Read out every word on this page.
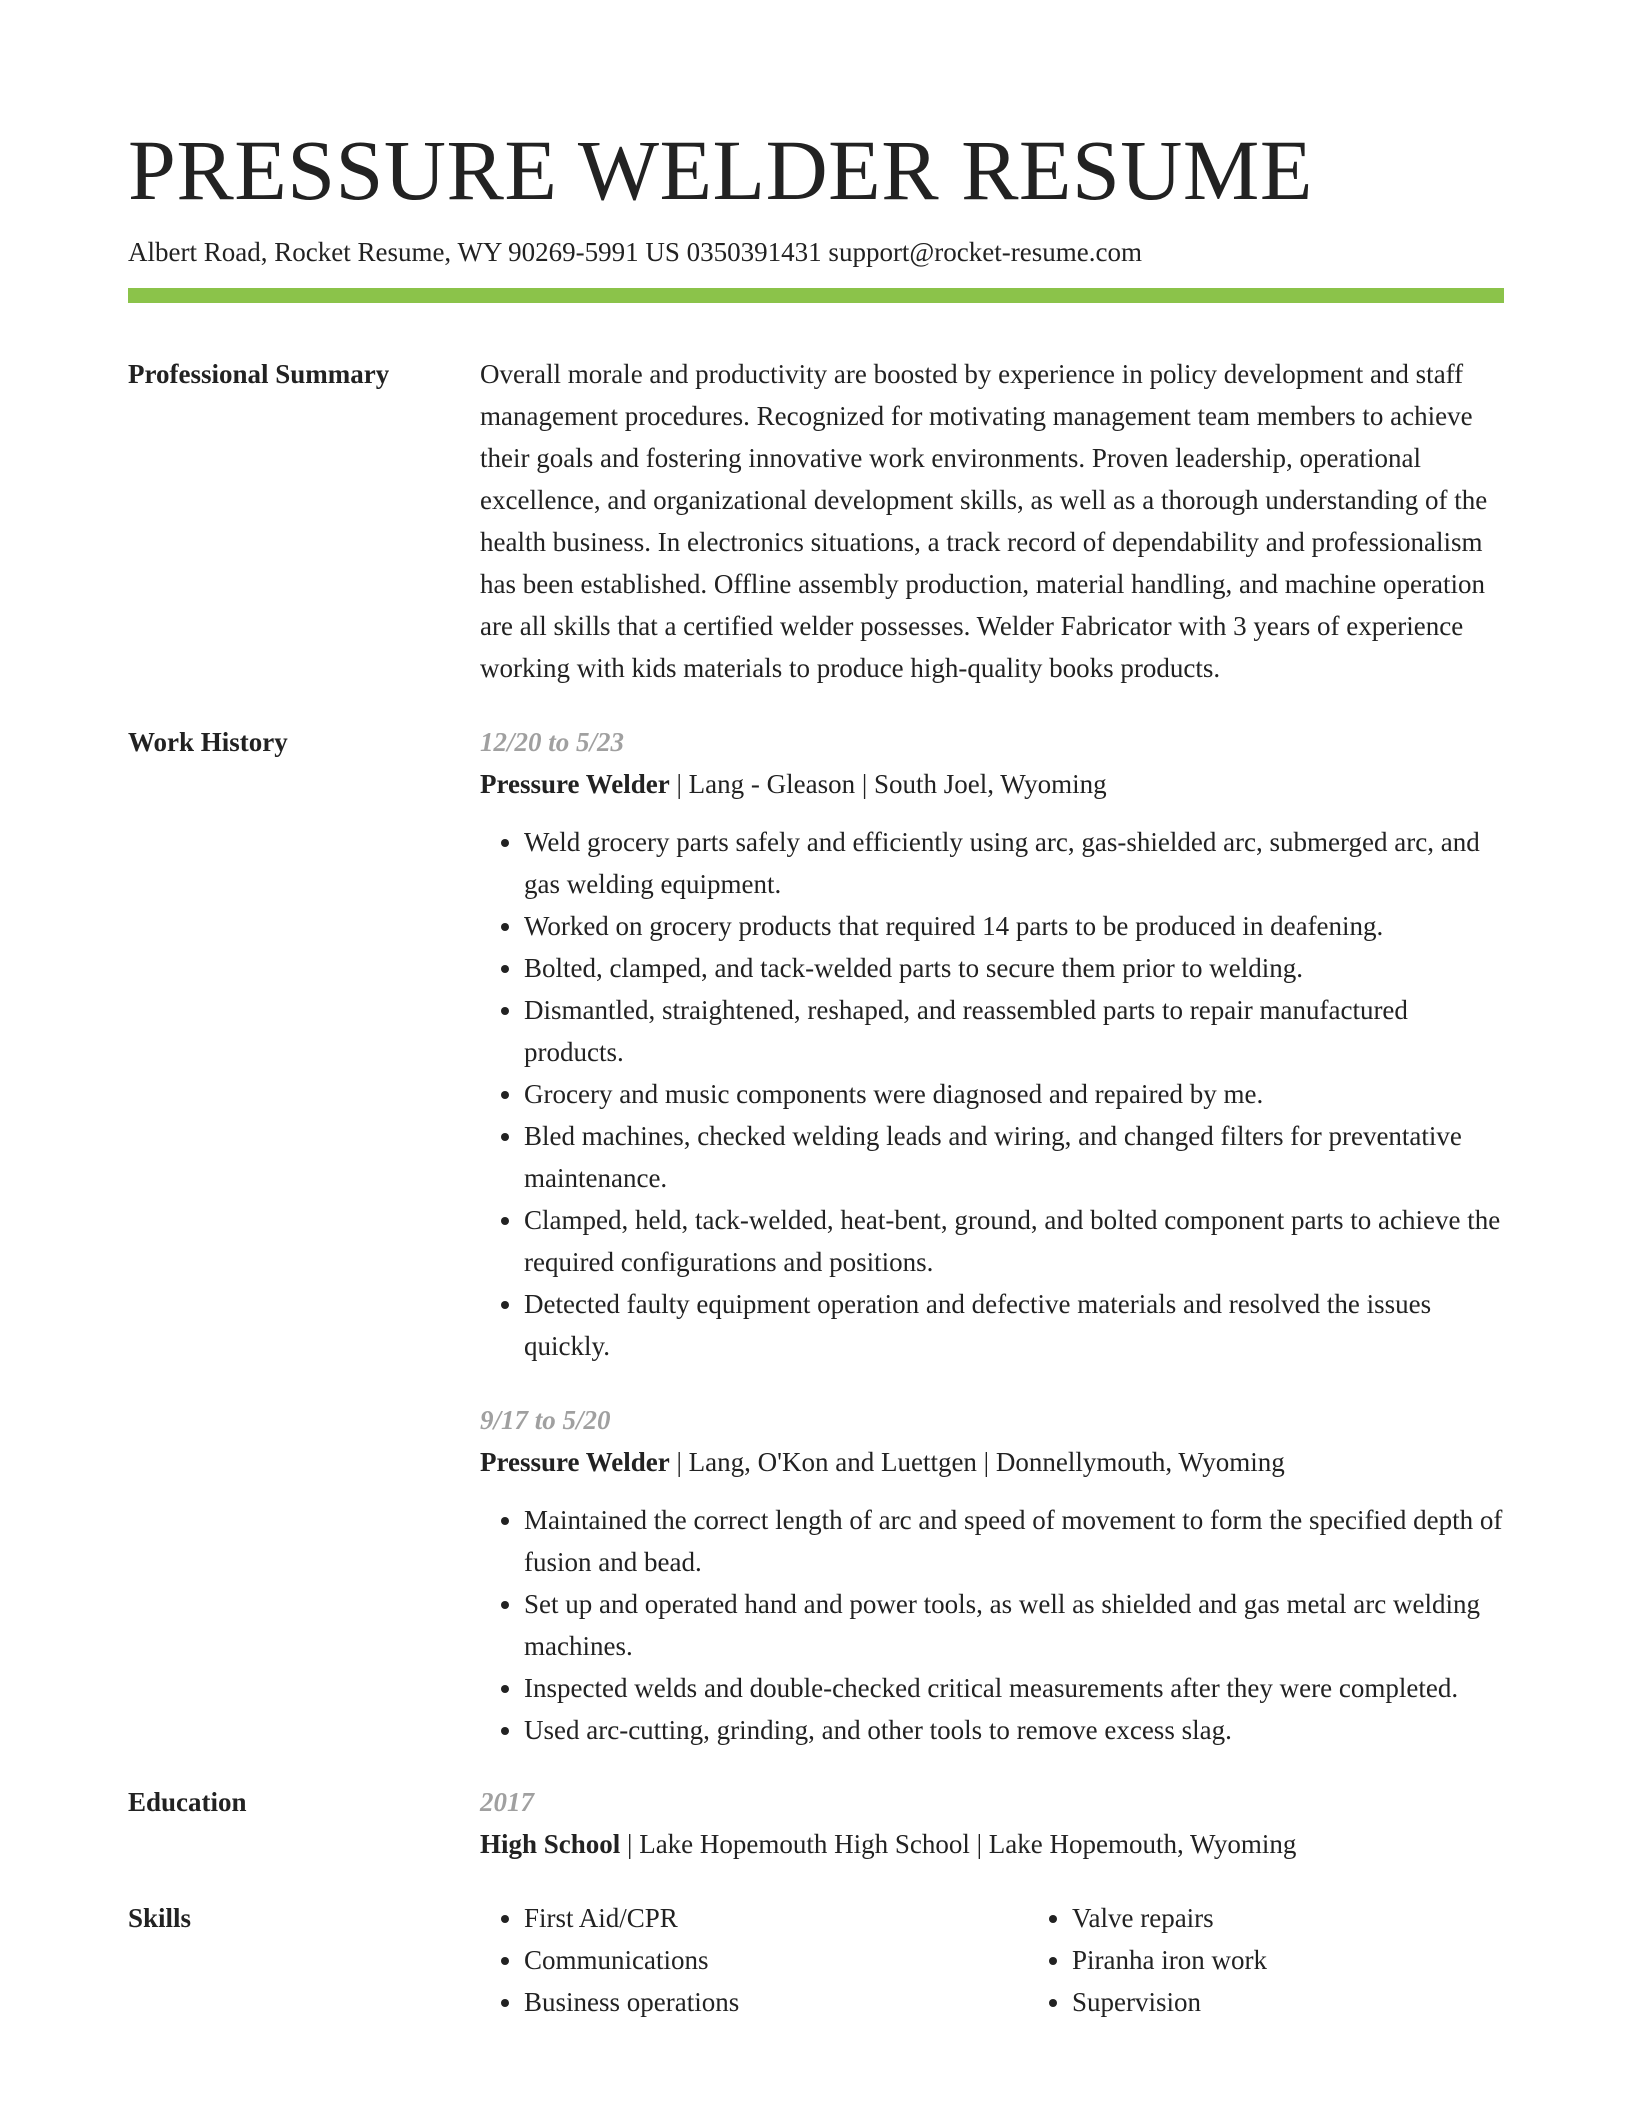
PRESSURE WELDER RESUME
Albert Road, Rocket Resume, WY 90269-5991 US 0350391431 support@rocket-resume.com
Professional Summary	Overall morale and productivity are boosted by experience in policy development and staff management procedures. Recognized for motivating management team members to achieve their goals and fostering innovative work environments. Proven leadership, operational excellence, and organizational development skills, as well as a thorough understanding of the health business. In electronics situations, a track record of dependability and professionalism has been established. Offline assembly production, material handling, and machine operation are all skills that a certified welder possesses. Welder Fabricator with 3 years of experience working with kids materials to produce high-quality books products.
Work History	12/20 to 5/23
Pressure Welder | Lang - Gleason | South Joel, Wyoming
• Weld grocery parts safely and efficiently using arc, gas-shielded arc, submerged arc, and gas welding equipment.
• Worked on grocery products that required 14 parts to be produced in deafening.
• Bolted, clamped, and tack-welded parts to secure them prior to welding.
• Dismantled, straightened, reshaped, and reassembled parts to repair manufactured products.
• Grocery and music components were diagnosed and repaired by me.
• Bled machines, checked welding leads and wiring, and changed filters for preventative maintenance.
• Clamped, held, tack-welded, heat-bent, ground, and bolted component parts to achieve the required configurations and positions.
• Detected faulty equipment operation and defective materials and resolved the issues quickly.
9/17 to 5/20
Pressure Welder | Lang, O'Kon and Luettgen | Donnellymouth, Wyoming
• Maintained the correct length of arc and speed of movement to form the specified depth of fusion and bead.
• Set up and operated hand and power tools, as well as shielded and gas metal arc welding machines.
• Inspected welds and double-checked critical measurements after they were completed.
• Used arc-cutting, grinding, and other tools to remove excess slag.
Education	2017
High School | Lake Hopemouth High School | Lake Hopemouth, Wyoming
Skills
•	First Aid/CPR
• Communications
• Business operations
• Valve repairs
• Piranha iron work
• Supervision
